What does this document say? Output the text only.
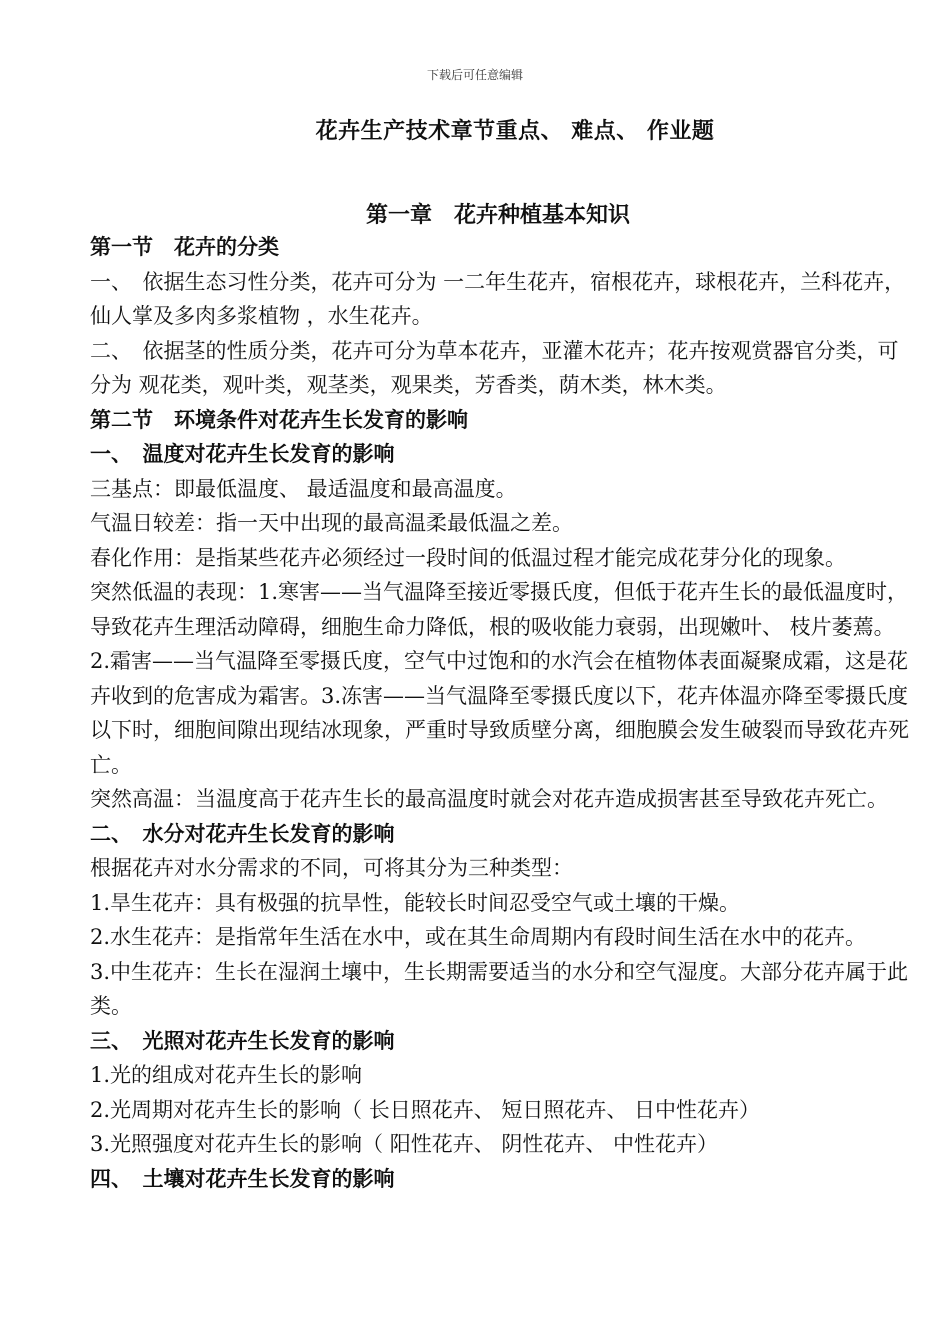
下载后可任意编辑
花卉生产技术章节重点、 难点、 作业题
第一章　花卉种植基本知识

第一节　花卉的分类

一、　依据生态习性分类，花卉可分为 一二年生花卉，宿根花卉，球根花卉，兰科花卉，仙人掌及多肉多浆植物 ，水生花卉。

二、　依据茎的性质分类，花卉可分为草本花卉，亚灌木花卉；花卉按观赏器官分类，可分为 观花类，观叶类，观茎类，观果类，芳香类，荫木类，林木类。

第二节　环境条件对花卉生长发育的影响

一、　温度对花卉生长发育的影响

三基点：即最低温度、 最适温度和最高温度。

气温日较差：指一天中出现的最高温柔最低温之差。

春化作用：是指某些花卉必须经过一段时间的低温过程才能完成花芽分化的现象。

突然低温的表现：1.寒害——当气温降至接近零摄氏度，但低于花卉生长的最低温度时，导致花卉生理活动障碍，细胞生命力降低，根的吸收能力衰弱，出现嫩叶、 枝片萎蔫。2.霜害——当气温降至零摄氏度，空气中过饱和的水汽会在植物体表面凝聚成霜，这是花卉收到的危害成为霜害。3.冻害——当气温降至零摄氏度以下，花卉体温亦降至零摄氏度以下时，细胞间隙出现结冰现象，严重时导致质壁分离，细胞膜会发生破裂而导致花卉死亡。

突然高温：当温度高于花卉生长的最高温度时就会对花卉造成损害甚至导致花卉死亡。

二、　水分对花卉生长发育的影响

根据花卉对水分需求的不同，可将其分为三种类型：

1.旱生花卉：具有极强的抗旱性，能较长时间忍受空气或土壤的干燥。

2.水生花卉：是指常年生活在水中，或在其生命周期内有段时间生活在水中的花卉。

3.中生花卉：生长在湿润土壤中，生长期需要适当的水分和空气湿度。大部分花卉属于此类。

三、　光照对花卉生长发育的影响

1.光的组成对花卉生长的影响

2.光周期对花卉生长的影响（ 长日照花卉、 短日照花卉、 日中性花卉）

3.光照强度对花卉生长的影响（ 阳性花卉、 阴性花卉、 中性花卉）

四、　土壤对花卉生长发育的影响
